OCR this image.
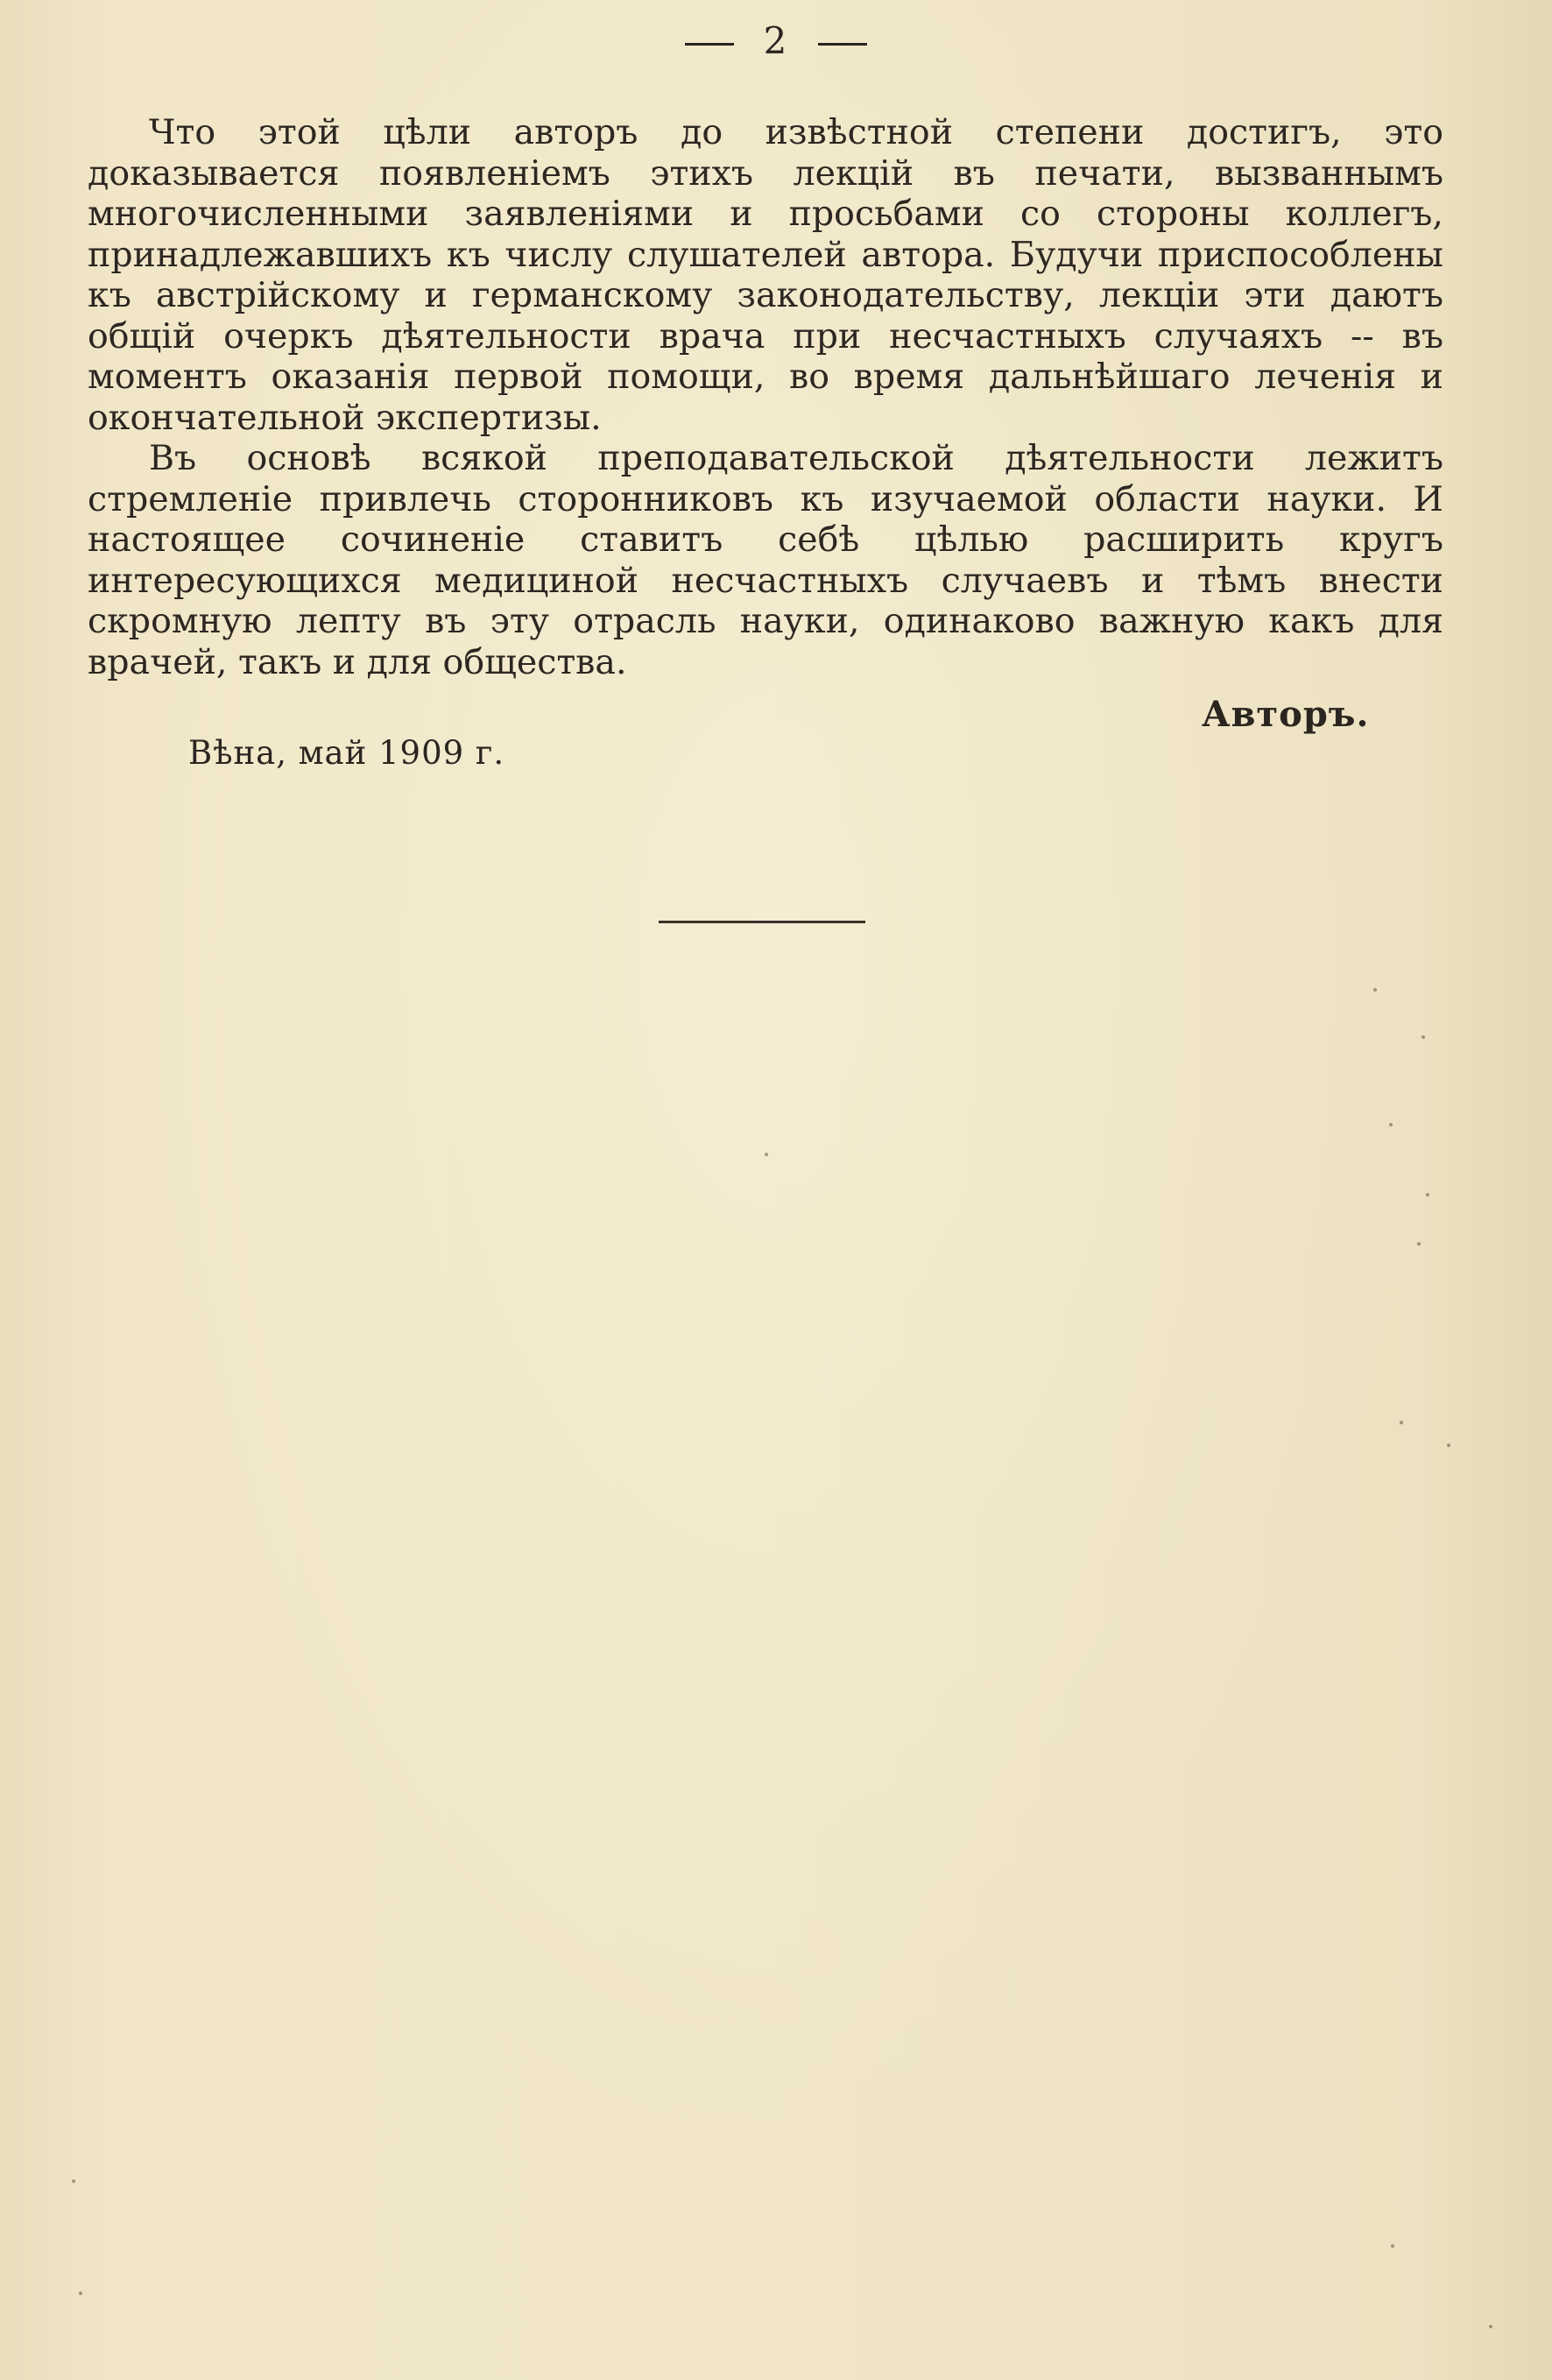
2

Что этой цѣли авторъ до извѣстной степени достигъ, это доказывается появленіемъ этихъ лекцій въ печати, вызваннымъ многочисленными заявленіями и просьбами со стороны коллегъ, принадлежавшихъ къ числу слушателей автора. Будучи приспособлены къ австрійскому и германскому законодательству, лекціи эти даютъ общій очеркъ дѣятельности врача при несчастныхъ случаяхъ -- въ моментъ оказанія первой помощи, во время дальнѣйшаго леченія и окончательной экспертизы.

Въ основѣ всякой преподавательской дѣятельности лежитъ стремленіе привлечь сторонниковъ къ изучаемой области науки. И настоящее сочиненіе ставитъ себѣ цѣлью расширить кругъ интересующихся медициной несчастныхъ случаевъ и тѣмъ внести скромную лепту въ эту отрасль науки, одинаково важную какъ для врачей, такъ и для общества.

Авторъ.
Вѣна, май 1909 г.
